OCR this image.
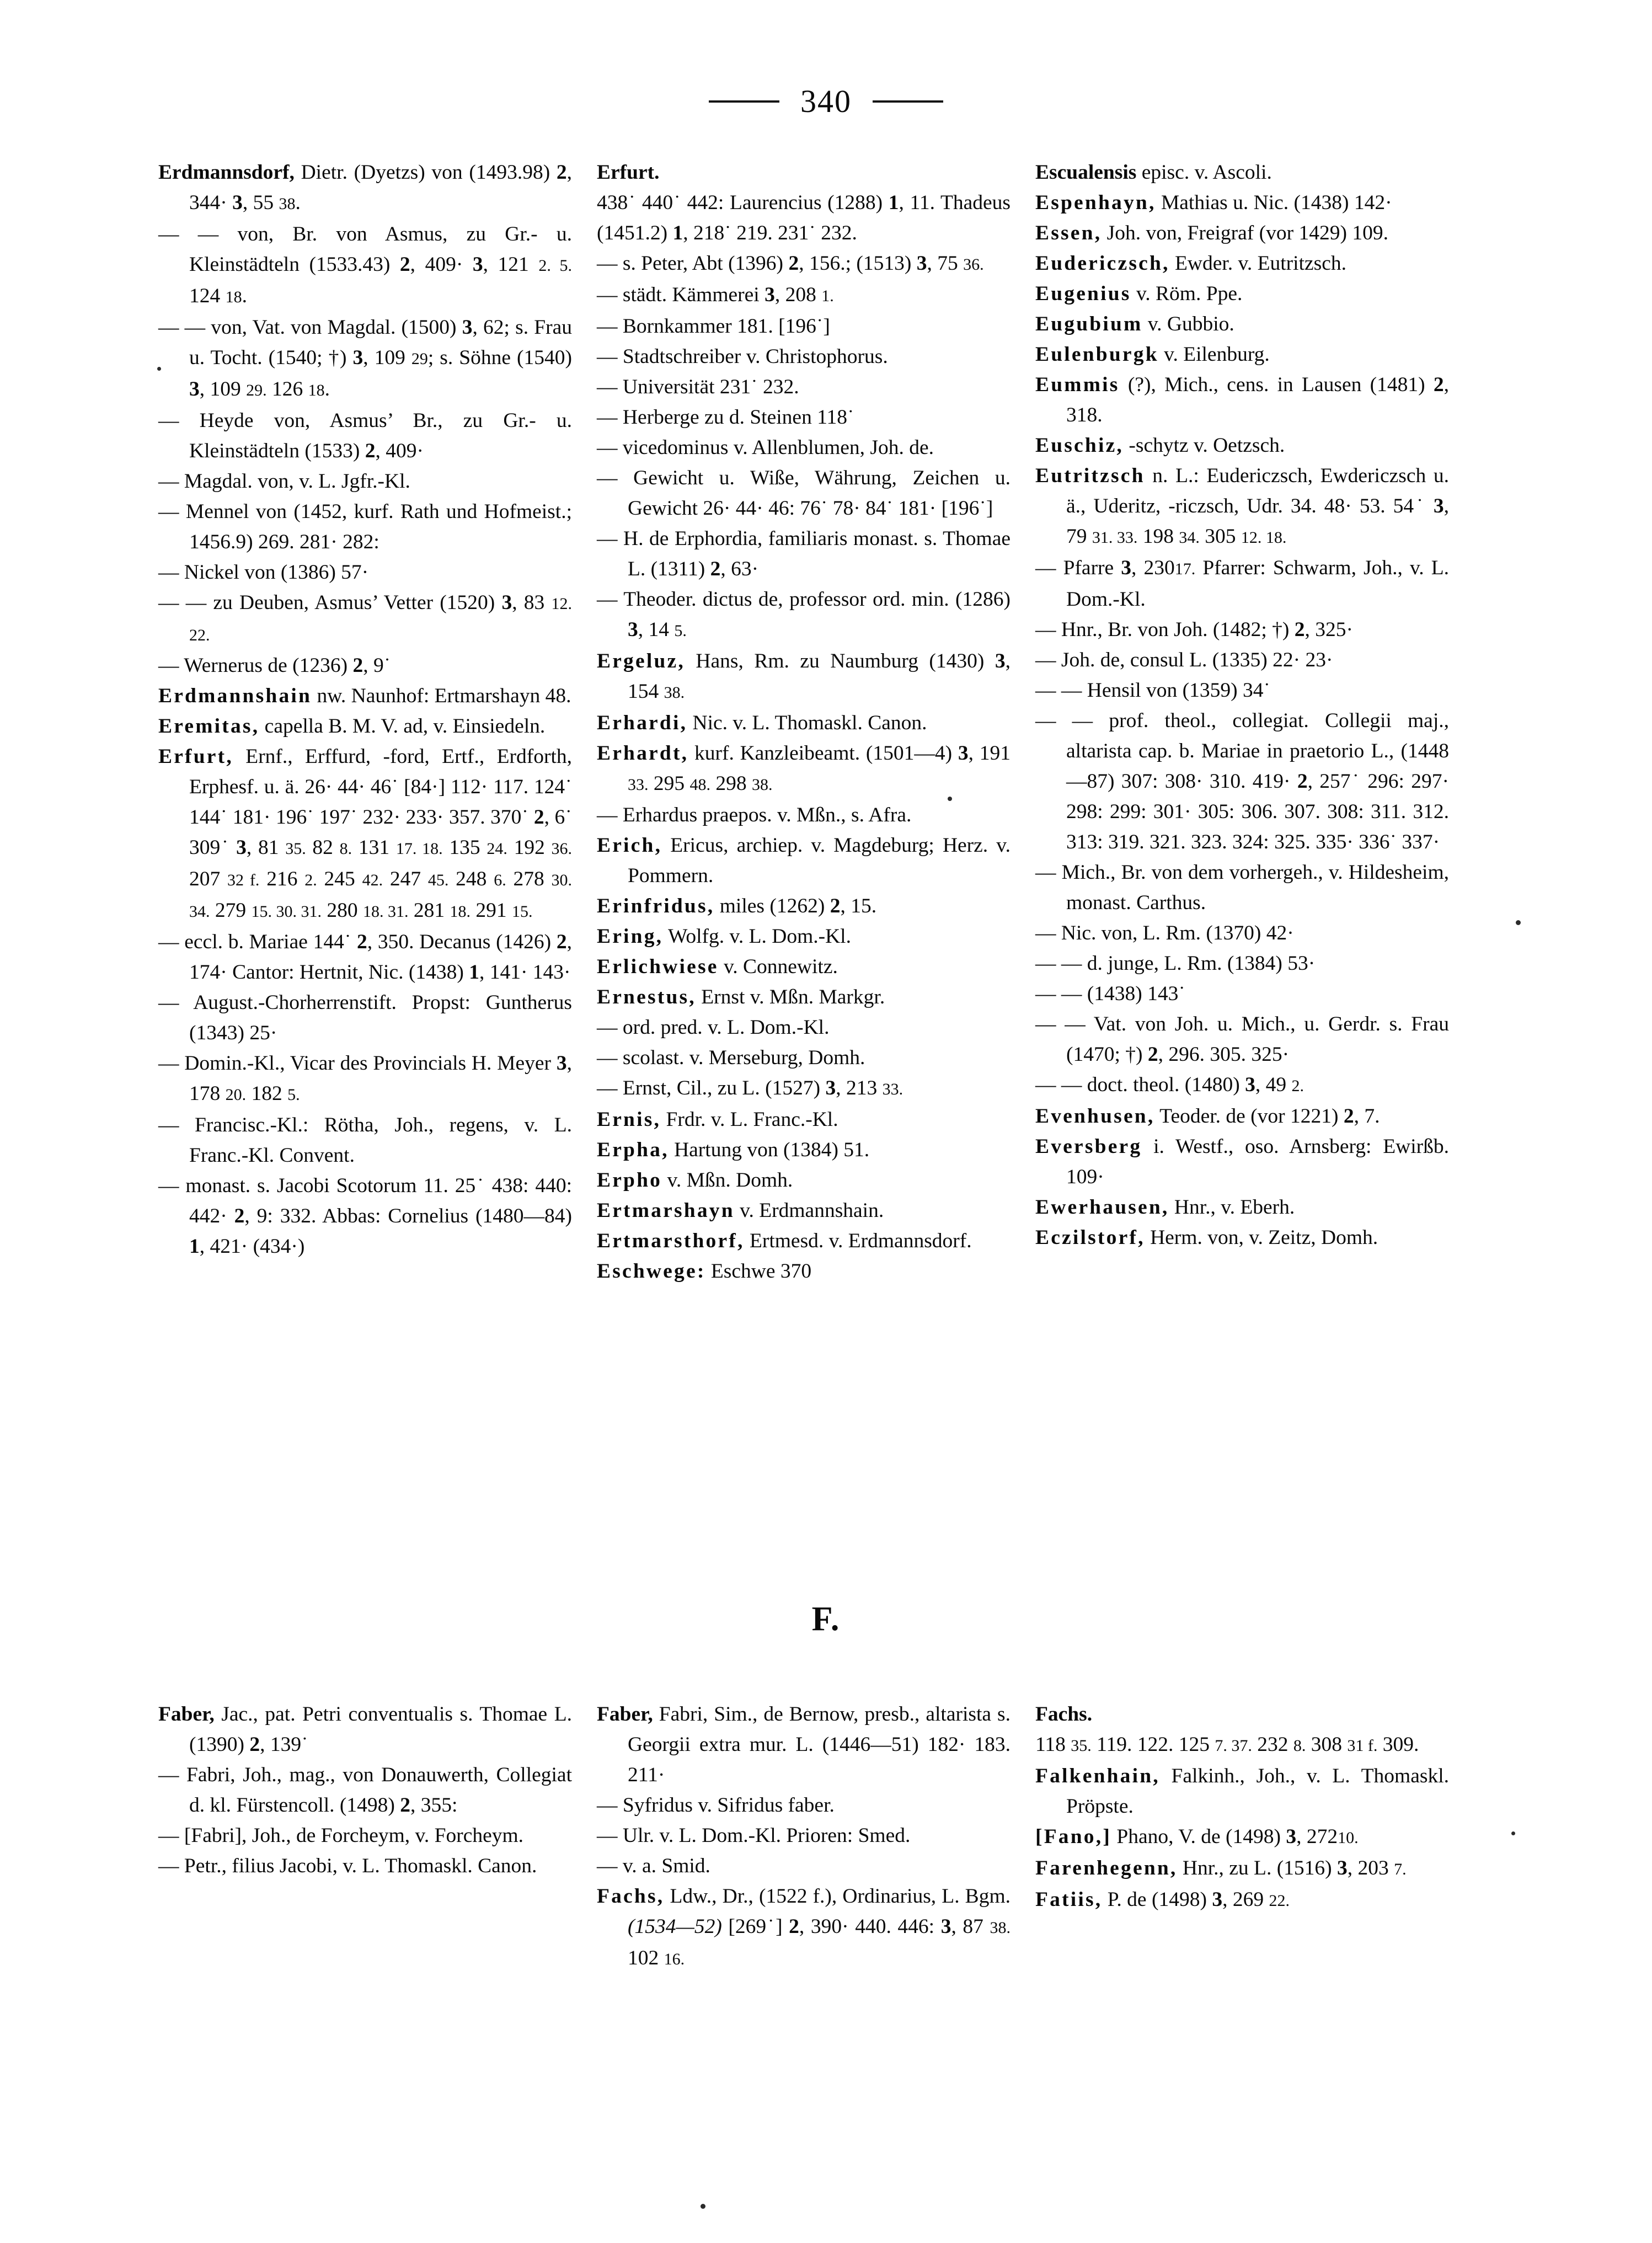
340

Erdmannsdorf, Dietr. (Dyetzs) von (1493.98) 2, 344· 3, 55 38.

— — von, Br. von Asmus, zu Gr.- u. Kleinstädteln (1533.43) 2, 409· 3, 121 2. 5. 124 18.

— — von, Vat. von Magdal. (1500) 3, 62; s. Frau u. Tocht. (1540; †) 3, 109 29; s. Söhne (1540) 3, 109 29. 126 18.

— Heyde von, Asmus’ Br., zu Gr.- u. Kleinstädteln (1533) 2, 409·

— Magdal. von, v. L. Jgfr.-Kl.

— Mennel von (1452, kurf. Rath und Hofmeist.; 1456.9) 269. 281· 282:

— Nickel von (1386) 57·

— — zu Deuben, Asmus’ Vetter (1520) 3, 83 12. 22.

— Wernerus de (1236) 2, 9˙

Erdmannshain nw. Naunhof: Ertmarshayn 48.

Eremitas, capella B. M. V. ad, v. Einsiedeln.

Erfurt, Ernf., Erffurd, -ford, Ertf., Erdforth, Erphesf. u. ä. 26· 44· 46˙ [84·] 112· 117. 124˙ 144˙ 181· 196˙ 197˙ 232· 233· 357. 370˙ 2, 6˙ 309˙ 3, 81 35. 82 8. 131 17. 18. 135 24. 192 36. 207 32 f. 216 2. 245 42. 247 45. 248 6. 278 30. 34. 279 15. 30. 31. 280 18. 31. 281 18. 291 15.

— eccl. b. Mariae 144˙ 2, 350. Decanus (1426) 2, 174· Cantor: Hertnit, Nic. (1438) 1, 141· 143·

— August.-Chorherrenstift. Propst: Guntherus (1343) 25·

— Domin.-Kl., Vicar des Provincials H. Meyer 3, 178 20. 182 5.

— Francisc.-Kl.: Rötha, Joh., regens, v. L. Franc.-Kl. Convent.

— monast. s. Jacobi Scotorum 11. 25˙ 438: 440: 442· 2, 9: 332. Abbas: Cornelius (1480—84) 1, 421· (434·)

Erfurt.

438˙ 440˙ 442: Laurencius (1288) 1, 11. Thadeus (1451.2) 1, 218˙ 219. 231˙ 232.

— s. Peter, Abt (1396) 2, 156.; (1513) 3, 75 36.

— städt. Kämmerei 3, 208 1.

— Bornkammer 181. [196˙]

— Stadtschreiber v. Christophorus.

— Universität 231˙ 232.

— Herberge zu d. Steinen 118˙

— vicedominus v. Allenblumen, Joh. de.

— Gewicht u. Wiße, Währung, Zeichen u. Gewicht 26· 44· 46: 76˙ 78· 84˙ 181· [196˙]

— H. de Erphordia, familiaris monast. s. Thomae L. (1311) 2, 63·

— Theoder. dictus de, professor ord. min. (1286) 3, 14 5.

Ergeluz, Hans, Rm. zu Naumburg (1430) 3, 154 38.

Erhardi, Nic. v. L. Thomaskl. Canon.

Erhardt, kurf. Kanzleibeamt. (1501—4) 3, 191 33. 295 48. 298 38.

— Erhardus praepos. v. Mßn., s. Afra.

Erich, Ericus, archiep. v. Magdeburg; Herz. v. Pommern.

Erinfridus, miles (1262) 2, 15.

Ering, Wolfg. v. L. Dom.-Kl.

Erlichwiese v. Connewitz.

Ernestus, Ernst v. Mßn. Markgr.

— ord. pred. v. L. Dom.-Kl.

— scolast. v. Merseburg, Domh.

— Ernst, Cil., zu L. (1527) 3, 213 33.

Ernis, Frdr. v. L. Franc.-Kl.

Erpha, Hartung von (1384) 51.

Erpho v. Mßn. Domh.

Ertmarshayn v. Erdmannshain.

Ertmarsthorf, Ertmesd. v. Erdmannsdorf.

Eschwege: Eschwe 370

Escualensis episc. v. Ascoli.

Espenhayn, Mathias u. Nic. (1438) 142·

Essen, Joh. von, Freigraf (vor 1429) 109.

Eudericzsch, Ewder. v. Eutritzsch.

Eugenius v. Röm. Ppe.

Eugubium v. Gubbio.

Eulenburgk v. Eilenburg.

Eummis (?), Mich., cens. in Lausen (1481) 2, 318.

Euschiz, -schytz v. Oetzsch.

Eutritzsch n. L.: Eudericzsch, Ewdericzsch u. ä., Uderitz, -riczsch, Udr. 34. 48· 53. 54˙ 3, 79 31. 33. 198 34. 305 12. 18.

— Pfarre 3, 23017. Pfarrer: Schwarm, Joh., v. L. Dom.-Kl.

— Hnr., Br. von Joh. (1482; †) 2, 325·

— Joh. de, consul L. (1335) 22· 23·

— — Hensil von (1359) 34˙

— — prof. theol., collegiat. Collegii maj., altarista cap. b. Mariae in praetorio L., (1448—87) 307: 308· 310. 419· 2, 257˙ 296: 297· 298: 299: 301· 305: 306. 307. 308: 311. 312. 313: 319. 321. 323. 324: 325. 335· 336˙ 337·

— Mich., Br. von dem vorhergeh., v. Hildesheim, monast. Carthus.

— Nic. von, L. Rm. (1370) 42·

— — d. junge, L. Rm. (1384) 53·

— — (1438) 143˙

— — Vat. von Joh. u. Mich., u. Gerdr. s. Frau (1470; †) 2, 296. 305. 325·

— — doct. theol. (1480) 3, 49 2.

Evenhusen, Teoder. de (vor 1221) 2, 7.

Eversberg i. Westf., oso. Arnsberg: Ewirßb. 109·

Ewerhausen, Hnr., v. Eberh.

Eczilstorf, Herm. von, v. Zeitz, Domh.

F.

Faber, Jac., pat. Petri conventualis s. Thomae L. (1390) 2, 139˙

— Fabri, Joh., mag., von Donauwerth, Collegiat d. kl. Fürstencoll. (1498) 2, 355:

— [Fabri], Joh., de Forcheym, v. Forcheym.

— Petr., filius Jacobi, v. L. Thomaskl. Canon.

Faber, Fabri, Sim., de Bernow, presb., altarista s. Georgii extra mur. L. (1446—51) 182· 183. 211·

— Syfridus v. Sifridus faber.

— Ulr. v. L. Dom.-Kl. Prioren: Smed.

— v. a. Smid.

Fachs, Ldw., Dr., (1522 f.), Ordinarius, L. Bgm. (1534—52) [269˙] 2, 390· 440. 446: 3, 87 38. 102 16.

Fachs.

118 35. 119. 122. 125 7. 37. 232 8. 308 31 f. 309.

Falkenhain, Falkinh., Joh., v. L. Thomaskl. Pröpste.

[Fano,] Phano, V. de (1498) 3, 27210.

Farenhegenn, Hnr., zu L. (1516) 3, 203 7.

Fatiis, P. de (1498) 3, 269 22.
